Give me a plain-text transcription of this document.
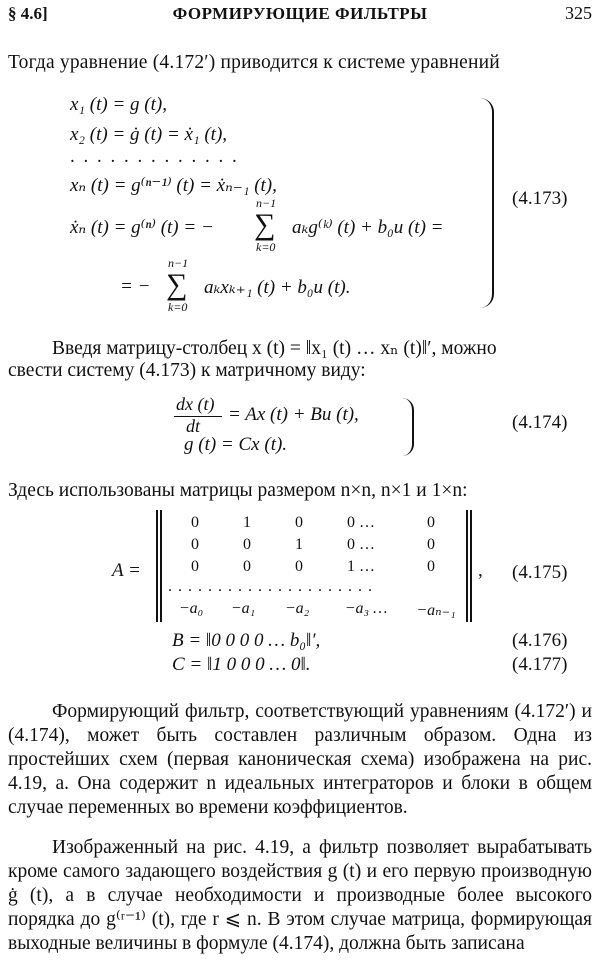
§ 4.6]	ФОРМИРУЮЩИЕ ФИЛЬТРЫ	325
Тогда уравнение (4.172′) приводится к системе уравнений
x₁ (t) = g (t),
x₂ (t) = ġ (t) = ẋ₁ (t),
. . . . . . . . . . . . .
xₙ (t) = g⁽ⁿ⁻¹⁾ (t) = ẋₙ₋₁ (t),
ẋₙ (t) = g⁽ⁿ⁾ (t) = −
n−1
∑
k=0
aₖg⁽ᵏ⁾ (t) + b₀u (t) =
= −
n−1
∑
k=0
aₖxₖ₊₁ (t) + b₀u (t).
(4.173)
Введя матрицу-столбец x (t) = ‖x₁ (t) … xₙ (t)‖′, можно
свести систему (4.173) к матричному виду:
dx (t)
dt
= Ax (t) + Bu (t),
g (t) = Cx (t).
(4.174)
Здесь использованы матрицы размером n×n, n×1 и 1×n:
A =
0	1	0	0 …	0
0	0	1	0 …	0
0	0	0	1 …	0
. . . . . . . . . . . . . . . . . . . . .
−a₀	−a₁	−a₂	−a₃ …	−aₙ₋₁
, (4.175)
B = ‖0 0 0 0 … b₀‖′,	(4.176)
C = ‖1 0 0 0 … 0‖.	(4.177)
Формирующий фильтр, соответствующий уравнениям (4.172′) и (4.174), может быть составлен различным образом. Одна из простейших схем (первая каноническая схема) изображена на рис. 4.19, а. Она содержит n идеальных интеграторов и блоки в общем случае переменных во времени коэффициентов.
Изображенный на рис. 4.19, а фильтр позволяет вырабатывать кроме самого задающего воздействия g (t) и его первую производную ġ (t), а в случае необходимости и производные более высокого порядка до g⁽ʳ⁻¹⁾ (t), где r ⩽ n. В этом случае матрица, формирующая выходные величины в формуле (4.174), должна быть записана
